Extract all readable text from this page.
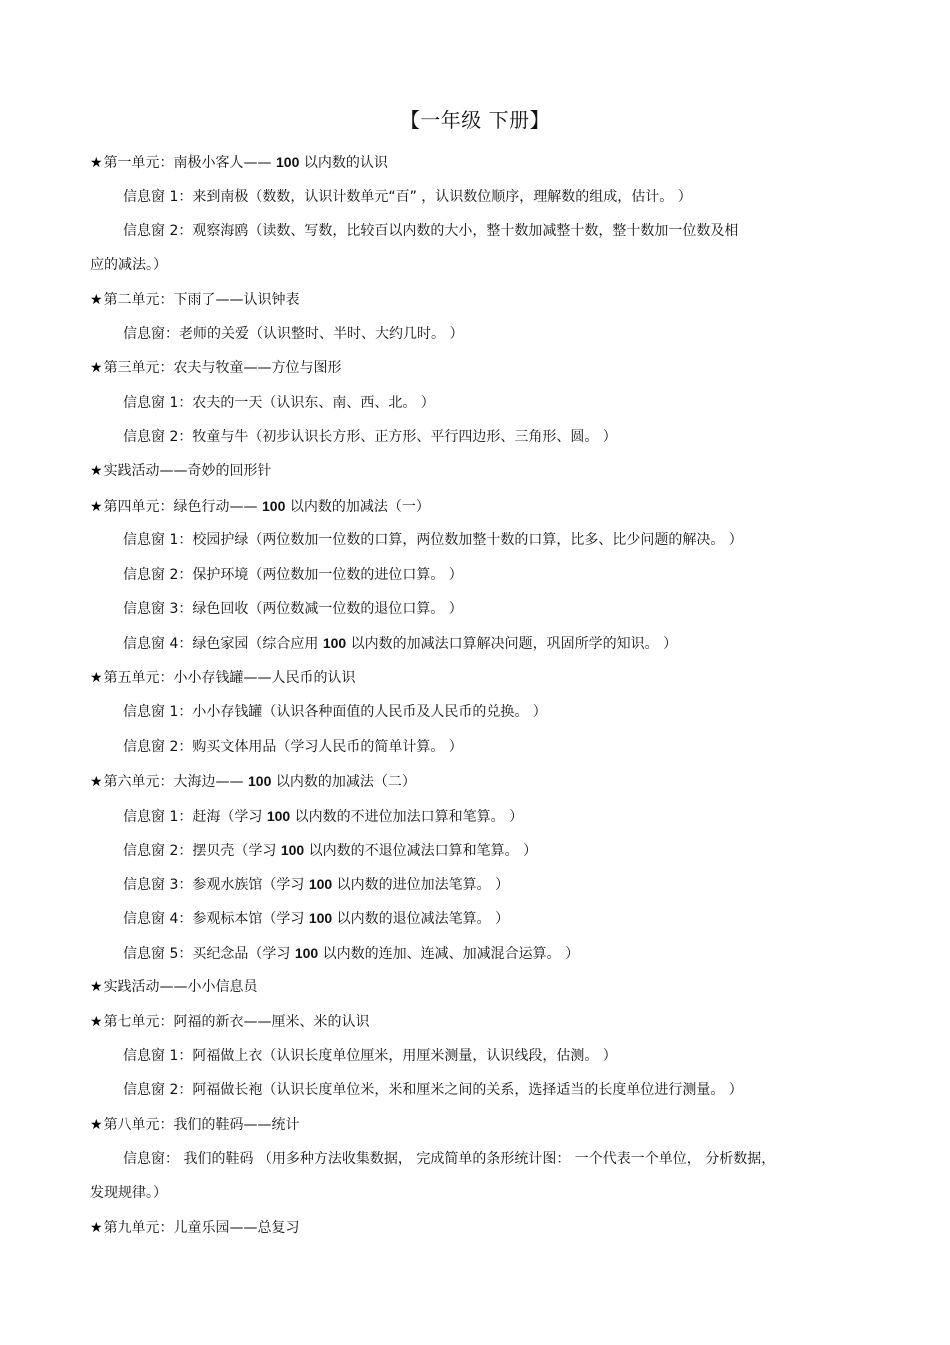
【一年级 下册】
★第一单元：南极小客人—— 100 以内数的认识
信息窗 1：来到南极（数数，认识计数单元“百” ，认识数位顺序，理解数的组成，估计。 ）
信息窗 2：观察海鸥（读数、写数，比较百以内数的大小，整十数加减整十数，整十数加一位数及相
应的减法。）
★第二单元：下雨了——认识钟表
信息窗：老师的关爱（认识整时、半时、大约几时。 ）
★第三单元：农夫与牧童——方位与图形
信息窗 1：农夫的一天（认识东、南、西、北。 ）
信息窗 2：牧童与牛（初步认识长方形、正方形、平行四边形、三角形、圆。 ）
★实践活动——奇妙的回形针
★第四单元：绿色行动—— 100 以内数的加减法（一）
信息窗 1：校园护绿（两位数加一位数的口算，两位数加整十数的口算，比多、比少问题的解决。 ）
信息窗 2：保护环境（两位数加一位数的进位口算。 ）
信息窗 3：绿色回收（两位数减一位数的退位口算。 ）
信息窗 4：绿色家园（综合应用 100 以内数的加减法口算解决问题，巩固所学的知识。 ）
★第五单元：小小存钱罐——人民币的认识
信息窗 1：小小存钱罐（认识各种面值的人民币及人民币的兑换。 ）
信息窗 2：购买文体用品（学习人民币的简单计算。 ）
★第六单元：大海边—— 100 以内数的加减法（二）
信息窗 1：赶海（学习 100 以内数的不进位加法口算和笔算。 ）
信息窗 2：摆贝壳（学习 100 以内数的不退位减法口算和笔算。 ）
信息窗 3：参观水族馆（学习 100 以内数的进位加法笔算。 ）
信息窗 4：参观标本馆（学习 100 以内数的退位减法笔算。 ）
信息窗 5：买纪念品（学习 100 以内数的连加、连减、加减混合运算。 ）
★实践活动——小小信息员
★第七单元：阿福的新衣——厘米、米的认识
信息窗 1：阿福做上衣（认识长度单位厘米，用厘米测量，认识线段，估测。 ）
信息窗 2：阿福做长袍（认识长度单位米，米和厘米之间的关系，选择适当的长度单位进行测量。 ）
★第八单元：我们的鞋码——统计
信息窗： 我们的鞋码 （用多种方法收集数据， 完成简单的条形统计图： 一个代表一个单位， 分析数据，
发现规律。）
★第九单元：儿童乐园——总复习
